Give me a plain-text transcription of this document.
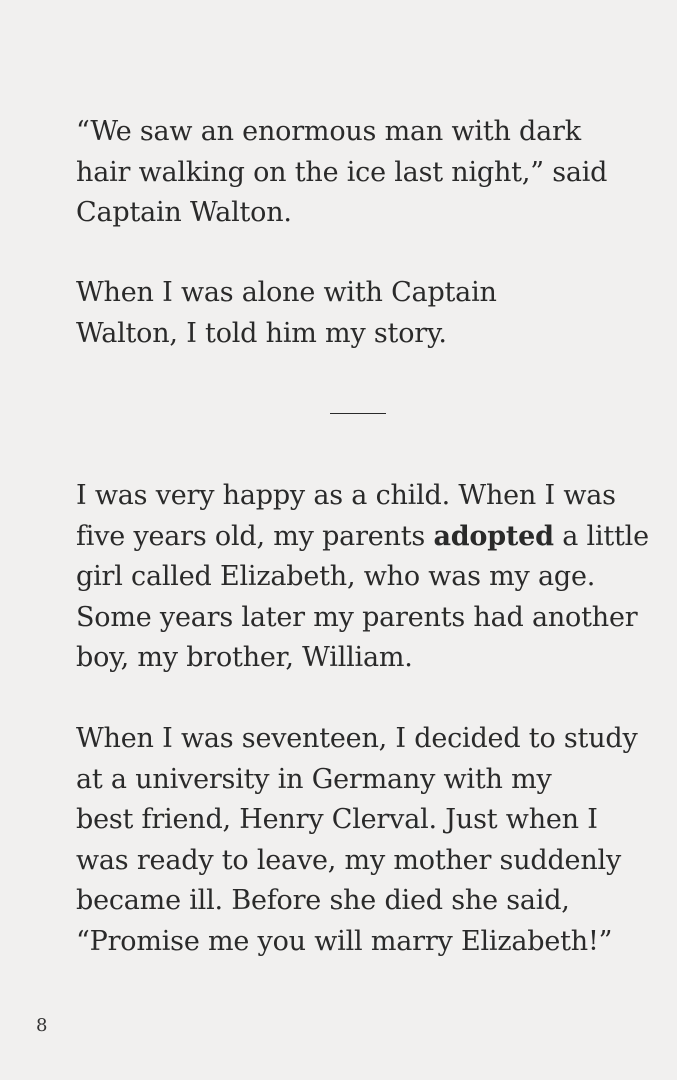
“We saw an enormous man with dark
hair walking on the ice last night,” said
Captain Walton.

When I was alone with Captain
Walton, I told him my story.

I was very happy as a child. When I was
five years old, my parents adopted a little
girl called Elizabeth, who was my age.
Some years later my parents had another
boy, my brother, William.

When I was seventeen, I decided to study
at a university in Germany with my
best friend, Henry Clerval. Just when I
was ready to leave, my mother suddenly
became ill. Before she died she said,
“Promise me you will marry Elizabeth!”

8
